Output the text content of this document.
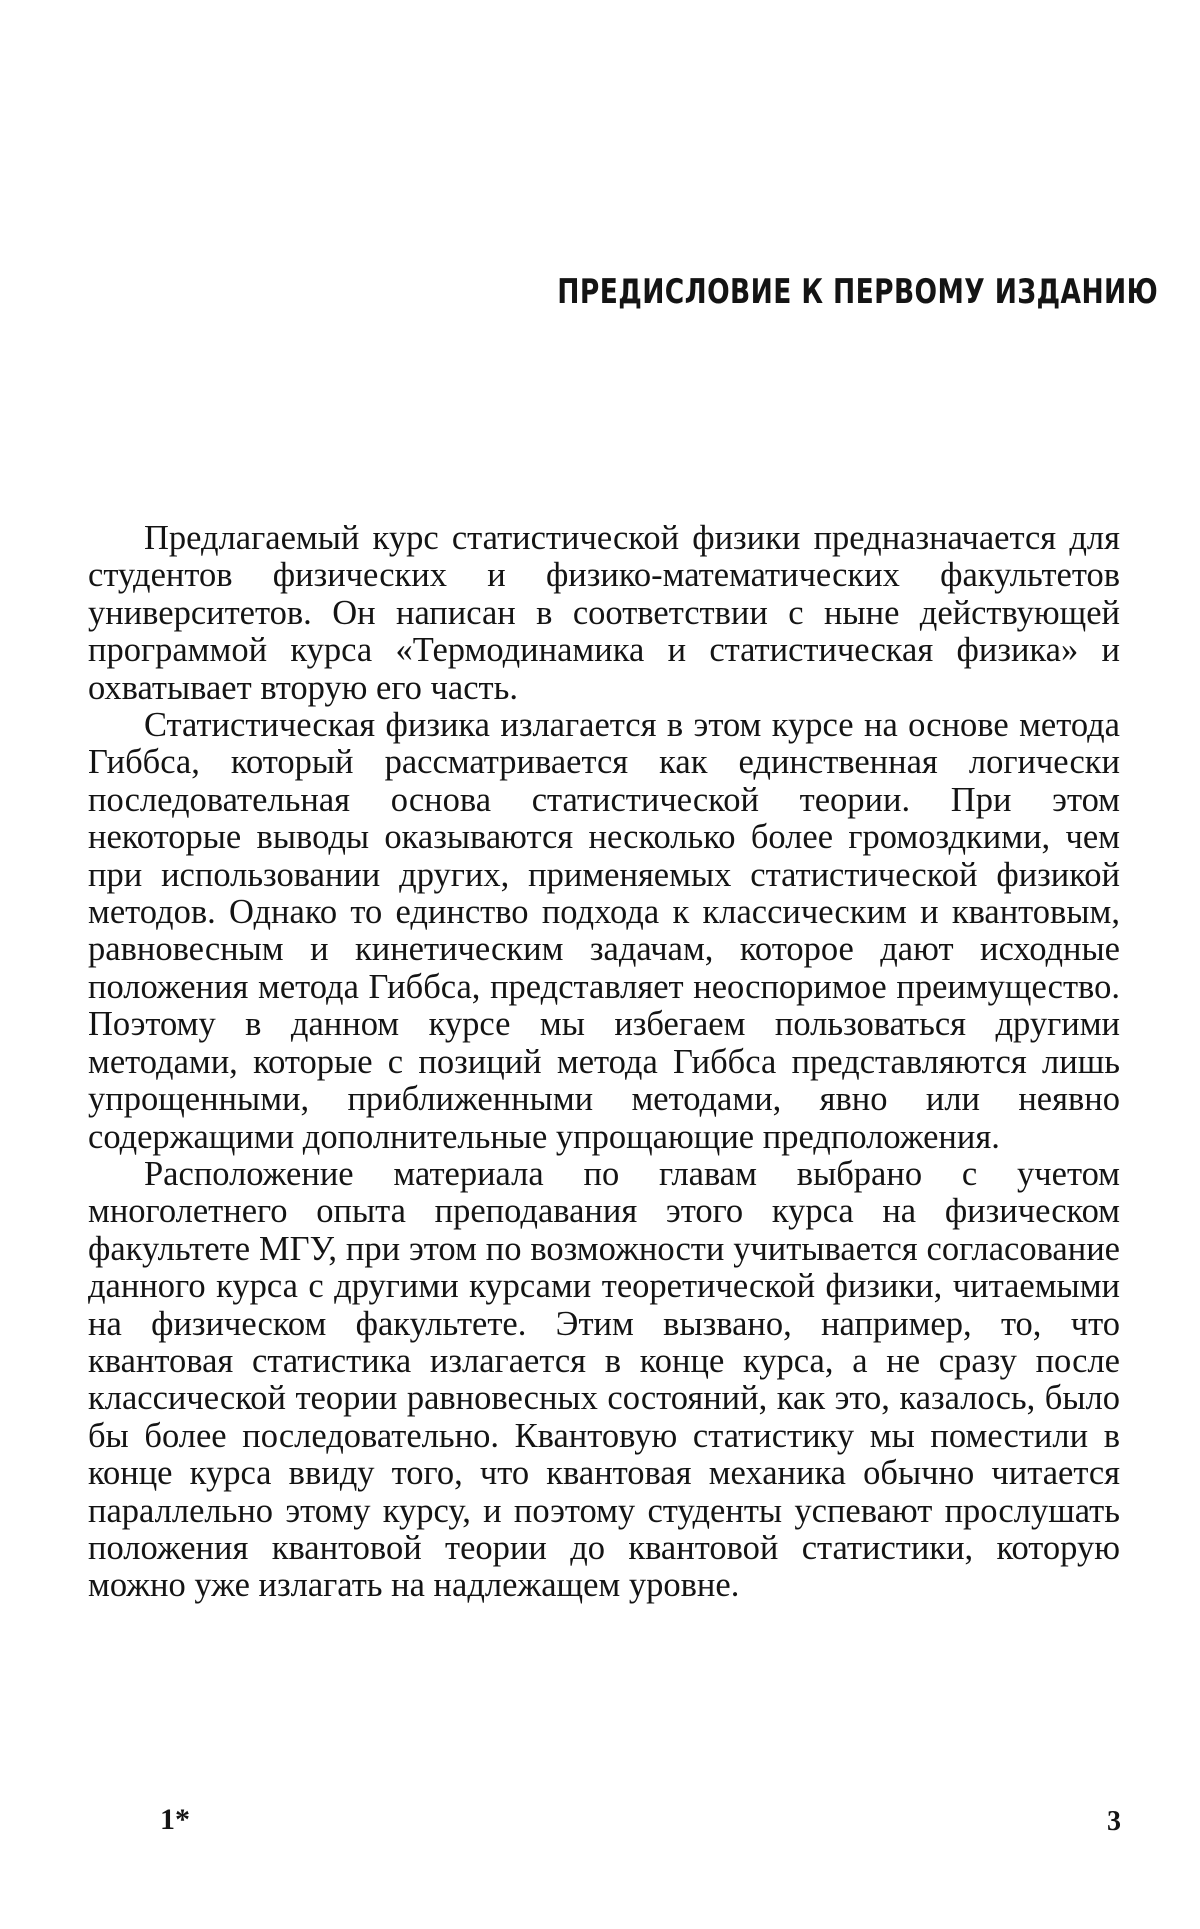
ПРЕДИСЛОВИЕ К ПЕРВОМУ ИЗДАНИЮ

Предлагаемый курс статистической физики предназначается для студентов физических и физико-математических факультетов университетов. Он написан в соответствии с ныне действующей программой курса «Термодинамика и статистическая физика» и охватывает вторую его часть.

Статистическая физика излагается в этом курсе на основе метода Гиббса, который рассматривается как единственная логически последовательная основа статистической теории. При этом некоторые выводы оказываются несколько более громоздкими, чем при использовании других, применяемых статистической физикой методов. Однако то единство подхода к классическим и квантовым, равновесным и кинетическим задачам, которое дают исходные положения метода Гиббса, представляет неоспоримое преимущество. Поэтому в данном курсе мы избегаем пользоваться другими методами, которые с позиций метода Гиббса представляются лишь упрощенными, приближенными методами, явно или неявно содержащими дополнительные упрощающие предположения.

Расположение материала по главам выбрано с учетом многолетнего опыта преподавания этого курса на физическом факультете МГУ, при этом по возможности учитывается согласование данного курса с другими курсами теоретической физики, читаемыми на физическом факультете. Этим вызвано, например, то, что квантовая статистика излагается в конце курса, а не сразу после классической теории равновесных состояний, как это, казалось, было бы более последовательно. Квантовую статистику мы поместили в конце курса ввиду того, что квантовая механика обычно читается параллельно этому курсу, и поэтому студенты успевают прослушать положения квантовой теории до квантовой статистики, которую можно уже излагать на надлежащем уровне.

1*	3
